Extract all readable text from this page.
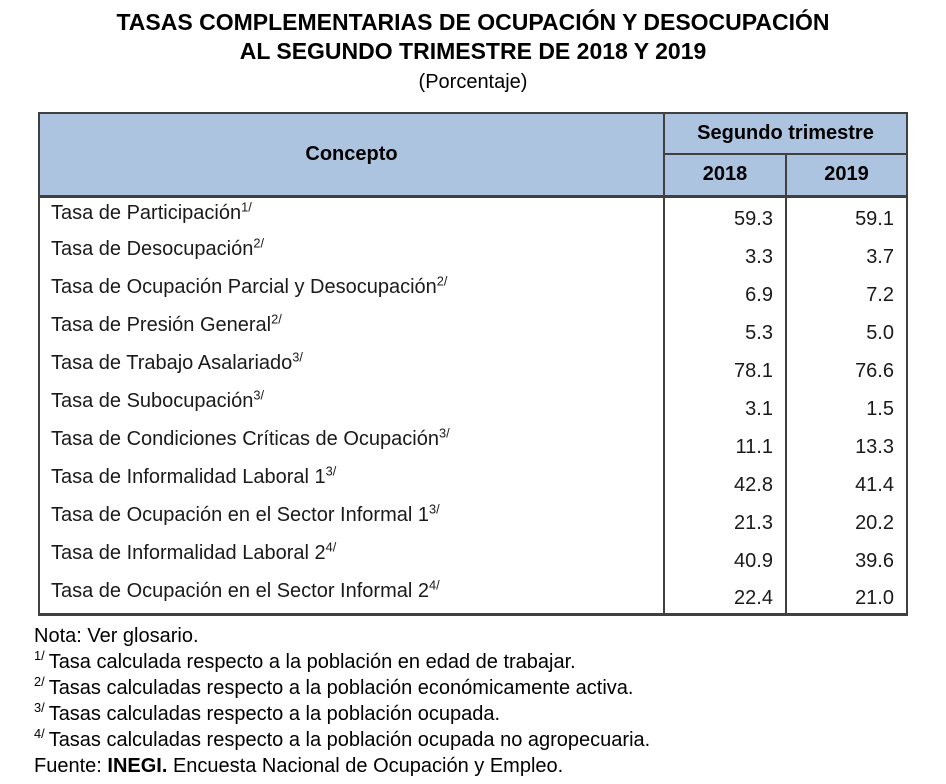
TASAS COMPLEMENTARIAS DE OCUPACIÓN Y DESOCUPACIÓN
AL SEGUNDO TRIMESTRE DE 2018 Y 2019
(Porcentaje)
Concepto	Segundo trimestre	
	2018	2019
Tasa de Participación$^{1/}$	59.3	59.1
Tasa de Desocupación$^{2/}$	3.3	3.7
Tasa de Ocupación Parcial y Desocupación$^{2/}$	6.9	7.2
Tasa de Presión General$^{2/}$	5.3	5.0
Tasa de Trabajo Asalariado$^{3/}$	78.1	76.6
Tasa de Subocupación$^{3/}$	3.1	1.5
Tasa de Condiciones Críticas de Ocupación$^{3/}$	11.1	13.3
Tasa de Informalidad Laboral $1^{3/}$	42.8	41.4
Tasa de Ocupación en el Sector Informal $1^{3/}$	21.3	20.2
Tasa de Informalidad Laboral $2^{4/}$	40.9	39.6
Tasa de Ocupación en el Sector Informal $2^{4/}$	22.4	21.0
Nota: Ver glosario.
$^{1/}$ Tasa calculada respecto a la población en edad de trabajar.
$^{2/}$ Tasas calculadas respecto a la población económicamente activa.
$^{3/}$ Tasas calculadas respecto a la población ocupada.
$^{4/}$ Tasas calculadas respecto a la población ocupada no agropecuaria.
Fuente: INEGI. Encuesta Nacional de Ocupación y Empleo.
